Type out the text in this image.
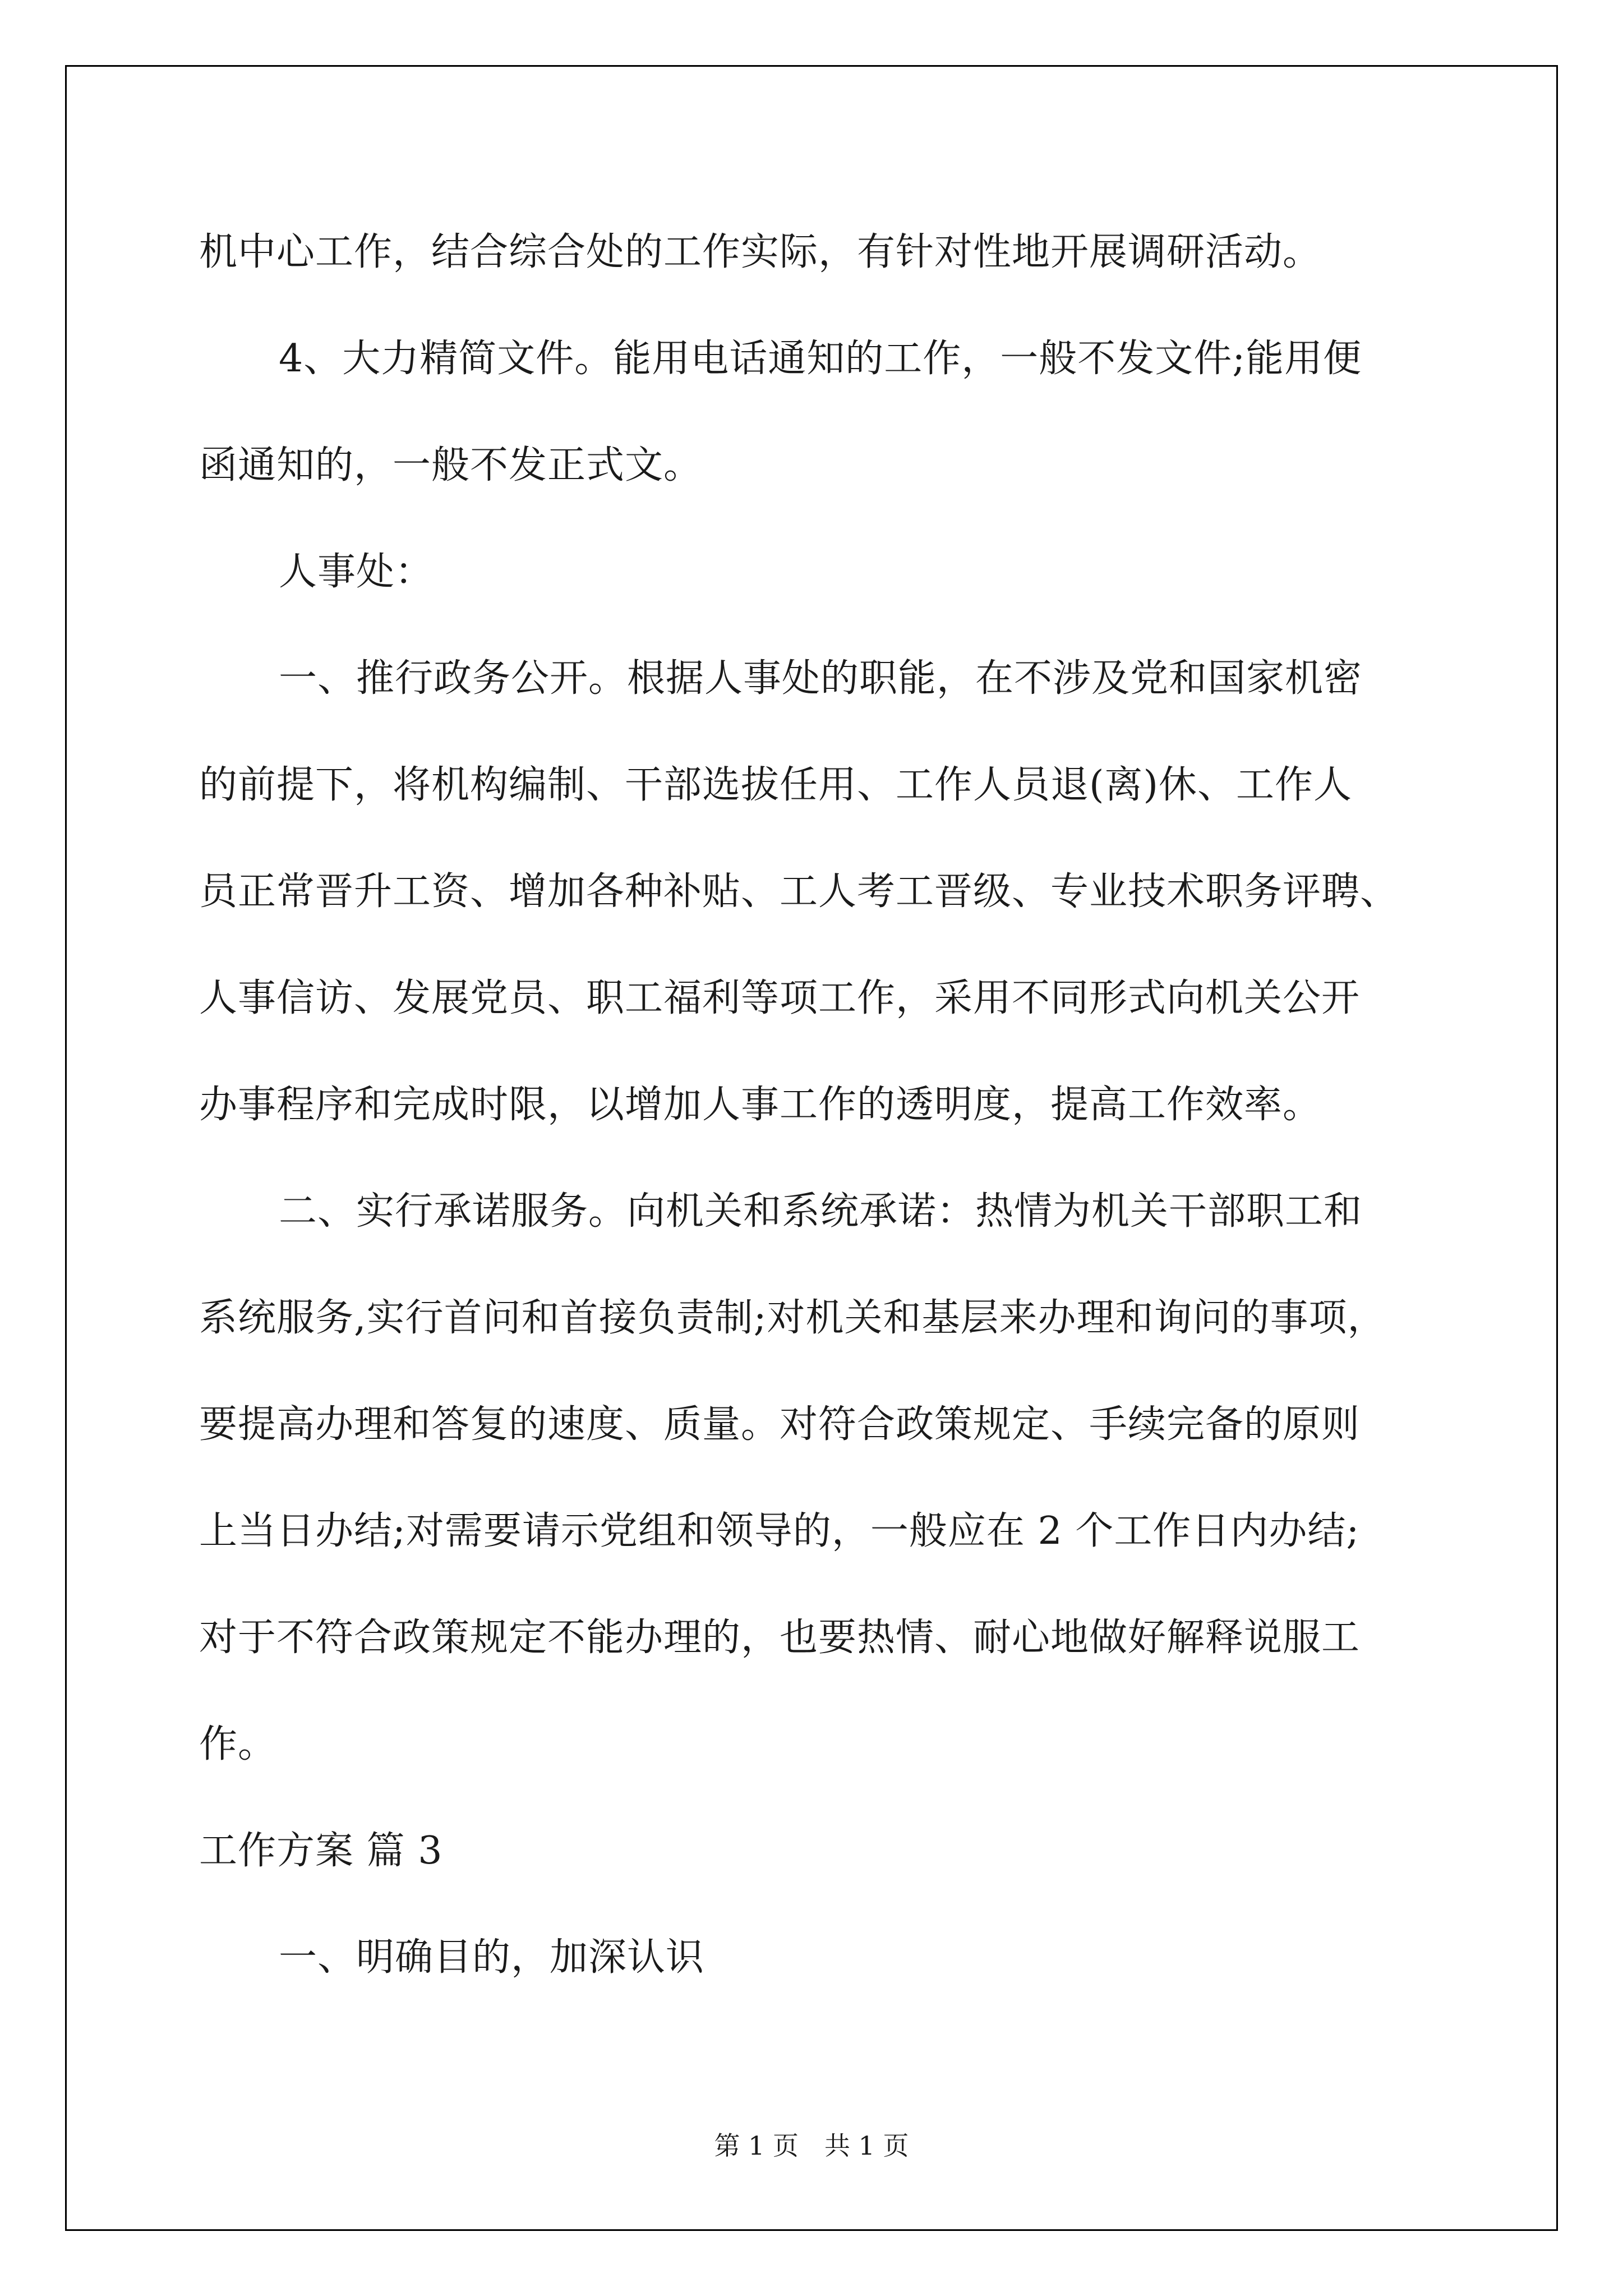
机中心工作，结合综合处的工作实际，有针对性地开展调研活动。
4、大力精简文件。能用电话通知的工作，一般不发文件;能用便
函通知的，一般不发正式文。
人事处：
一、推行政务公开。根据人事处的职能，在不涉及党和国家机密
的前提下，将机构编制、干部选拔任用、工作人员退(离)休、工作人
员正常晋升工资、增加各种补贴、工人考工晋级、专业技术职务评聘、
人事信访、发展党员、职工福利等项工作，采用不同形式向机关公开
办事程序和完成时限，以增加人事工作的透明度，提高工作效率。
二、实行承诺服务。向机关和系统承诺：热情为机关干部职工和
系统服务,实行首问和首接负责制;对机关和基层来办理和询问的事项，
要提高办理和答复的速度、质量。对符合政策规定、手续完备的原则
上当日办结;对需要请示党组和领导的，一般应在 2 个工作日内办结;
对于不符合政策规定不能办理的，也要热情、耐心地做好解释说服工
作。
工作方案 篇 3
一、明确目的，加深认识
第 1 页 共 1 页
